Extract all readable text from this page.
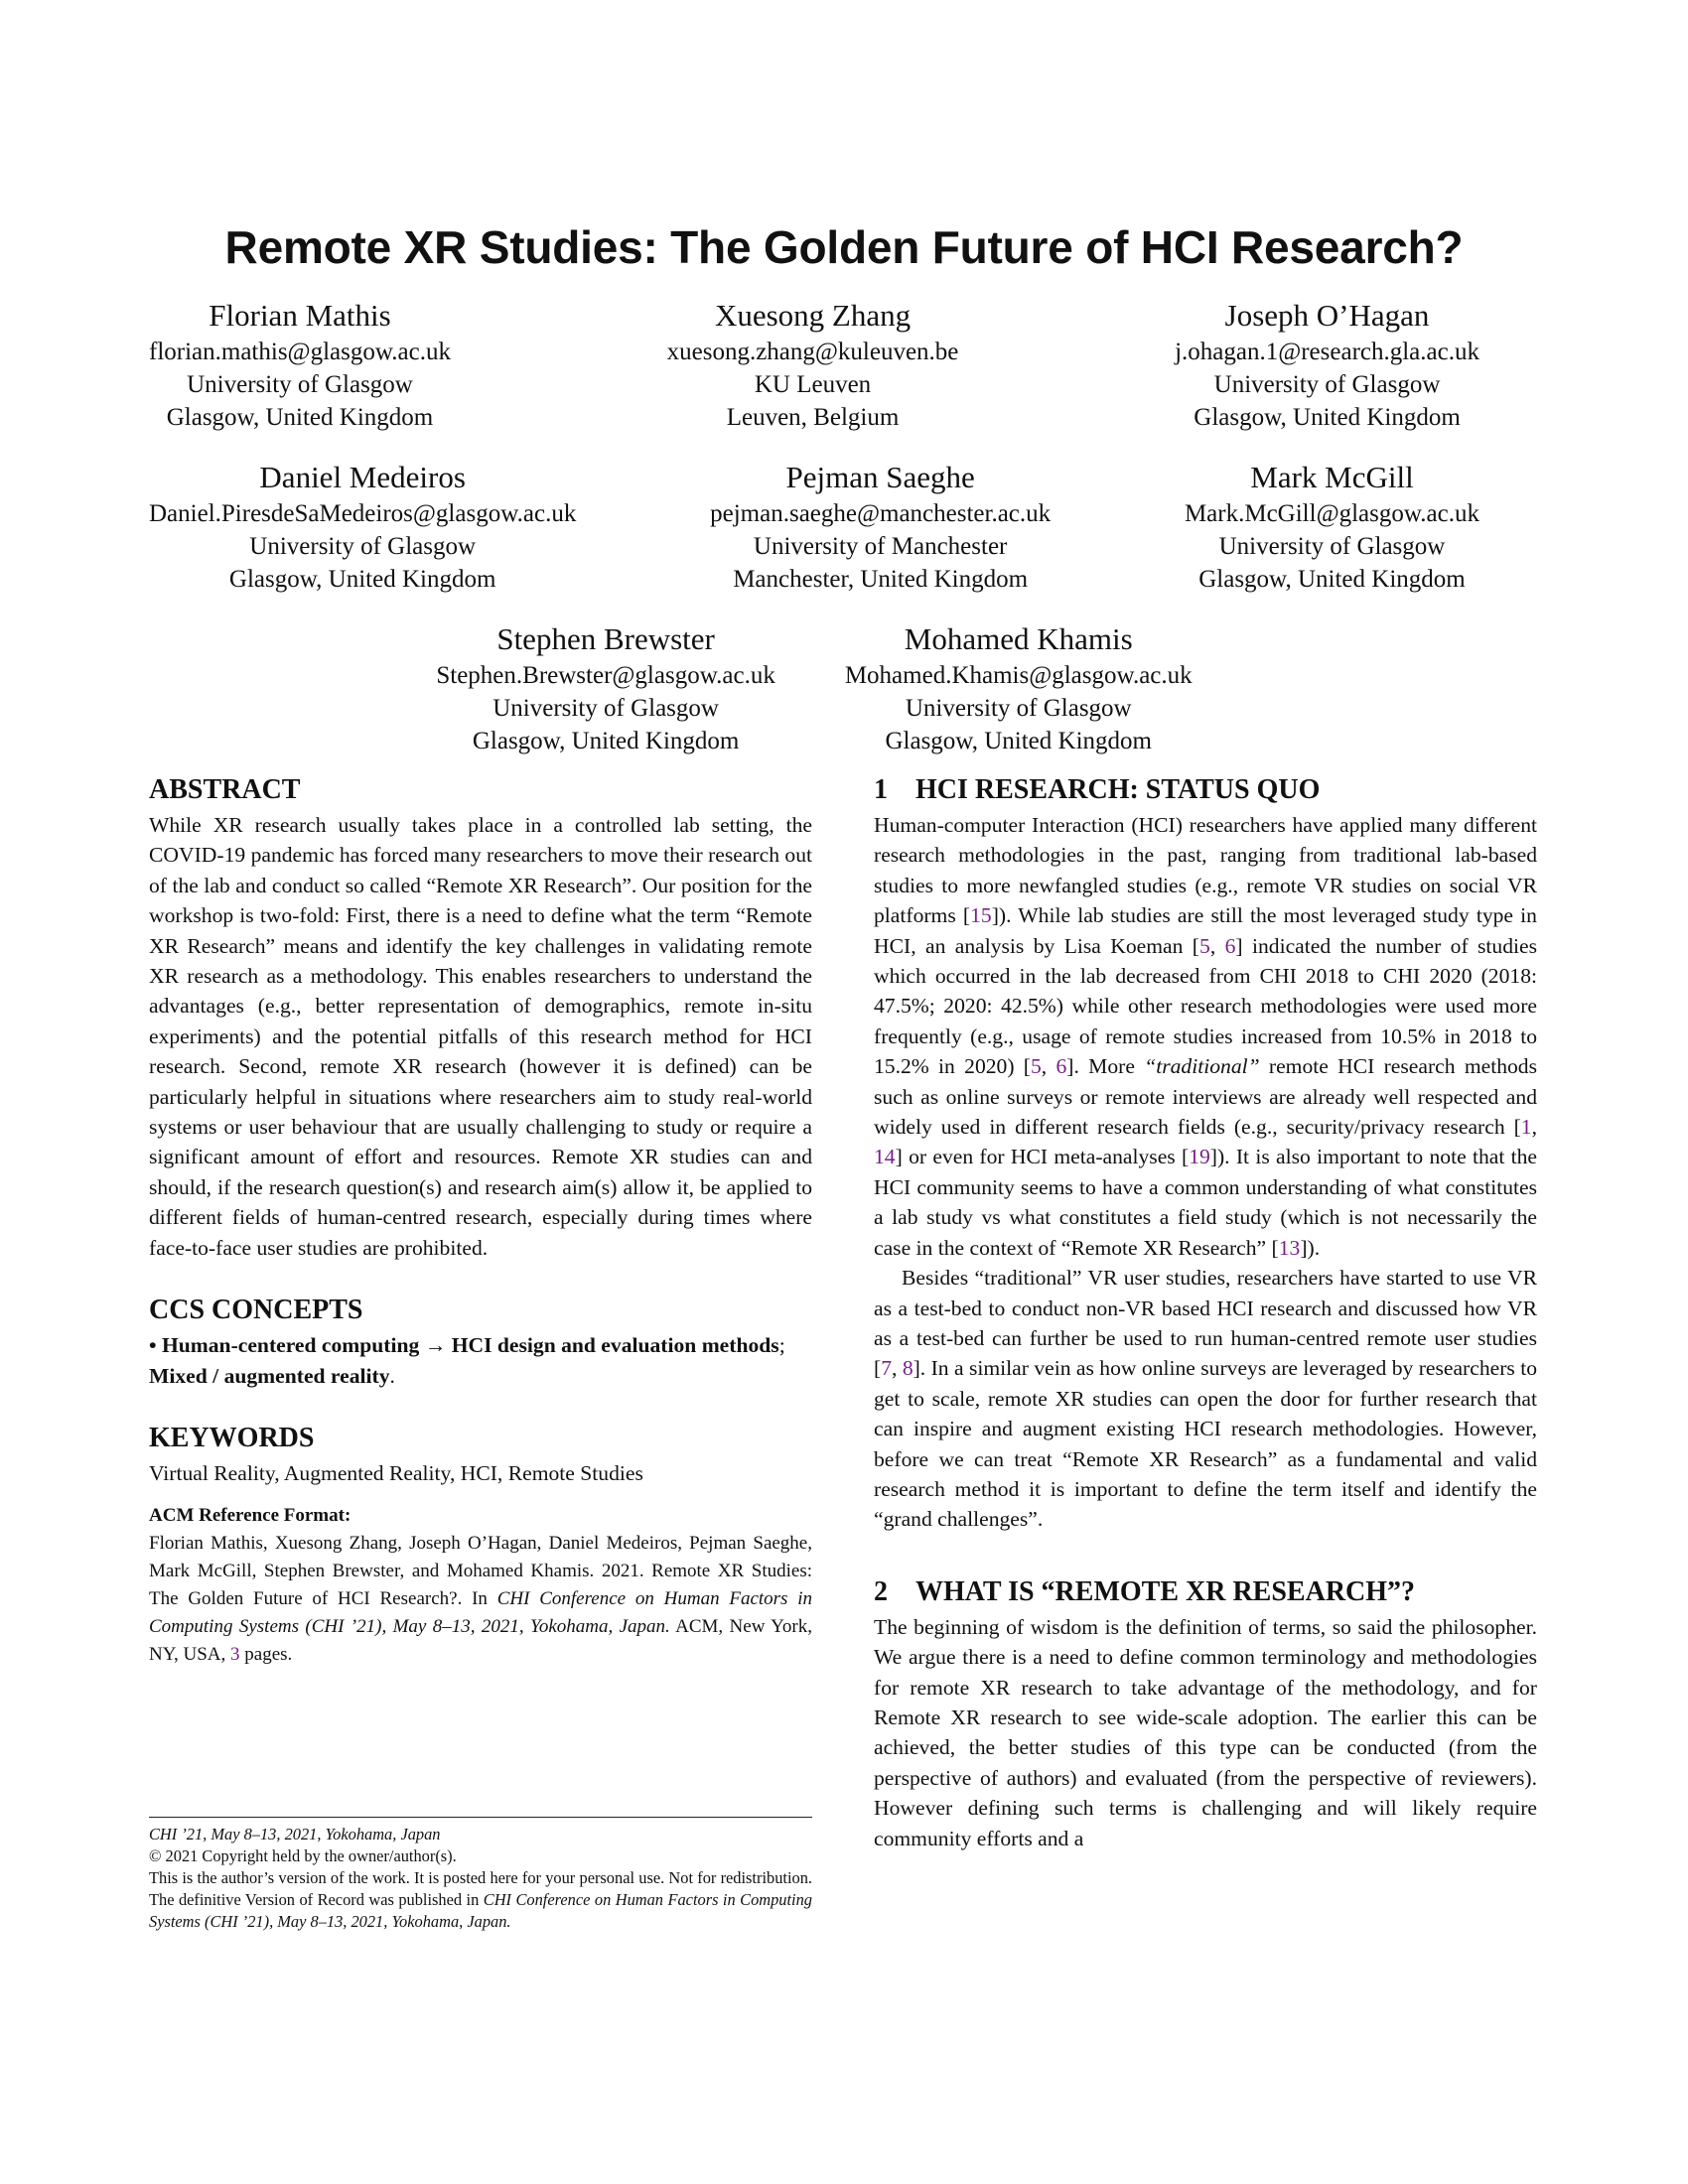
Remote XR Studies: The Golden Future of HCI Research?
Florian Mathis
florian.mathis@glasgow.ac.uk
University of Glasgow
Glasgow, United Kingdom
Xuesong Zhang
xuesong.zhang@kuleuven.be
KU Leuven
Leuven, Belgium
Joseph O’Hagan
j.ohagan.1@research.gla.ac.uk
University of Glasgow
Glasgow, United Kingdom
Daniel Medeiros
Daniel.PiresdeSaMedeiros@glasgow.ac.uk
University of Glasgow
Glasgow, United Kingdom
Pejman Saeghe
pejman.saeghe@manchester.ac.uk
University of Manchester
Manchester, United Kingdom
Mark McGill
Mark.McGill@glasgow.ac.uk
University of Glasgow
Glasgow, United Kingdom
Stephen Brewster
Stephen.Brewster@glasgow.ac.uk
University of Glasgow
Glasgow, United Kingdom
Mohamed Khamis
Mohamed.Khamis@glasgow.ac.uk
University of Glasgow
Glasgow, United Kingdom
ABSTRACT

While XR research usually takes place in a controlled lab setting, the COVID-19 pandemic has forced many researchers to move their research out of the lab and conduct so called “Remote XR Research”. Our position for the workshop is two-fold: First, there is a need to define what the term “Remote XR Research” means and identify the key challenges in validating remote XR research as a methodology. This enables researchers to understand the advantages (e.g., better representation of demographics, remote in-situ experiments) and the potential pitfalls of this research method for HCI research. Second, remote XR research (however it is defined) can be particularly helpful in situations where researchers aim to study real-world systems or user behaviour that are usually challenging to study or require a significant amount of effort and resources. Remote XR studies can and should, if the research question(s) and research aim(s) allow it, be applied to different fields of human-centred research, especially during times where face-to-face user studies are prohibited.

CCS CONCEPTS

• Human-centered computing → HCI design and evaluation methods; Mixed / augmented reality.

KEYWORDS

Virtual Reality, Augmented Reality, HCI, Remote Studies

ACM Reference Format:
Florian Mathis, Xuesong Zhang, Joseph O’Hagan, Daniel Medeiros, Pejman Saeghe, Mark McGill, Stephen Brewster, and Mohamed Khamis. 2021. Remote XR Studies: The Golden Future of HCI Research?. In CHI Conference on Human Factors in Computing Systems (CHI ’21), May 8–13, 2021, Yokohama, Japan. ACM, New York, NY, USA, 3 pages.
CHI ’21, May 8–13, 2021, Yokohama, Japan
© 2021 Copyright held by the owner/author(s).
This is the author’s version of the work. It is posted here for your personal use. Not for redistribution. The definitive Version of Record was published in CHI Conference on Human Factors in Computing Systems (CHI ’21), May 8–13, 2021, Yokohama, Japan.
1 HCI RESEARCH: STATUS QUO

Human-computer Interaction (HCI) researchers have applied many different research methodologies in the past, ranging from traditional lab-based studies to more newfangled studies (e.g., remote VR studies on social VR platforms [15]). While lab studies are still the most leveraged study type in HCI, an analysis by Lisa Koeman [5, 6] indicated the number of studies which occurred in the lab decreased from CHI 2018 to CHI 2020 (2018: 47.5%; 2020: 42.5%) while other research methodologies were used more frequently (e.g., usage of remote studies increased from 10.5% in 2018 to 15.2% in 2020) [5, 6]. More “traditional” remote HCI research methods such as online surveys or remote interviews are already well respected and widely used in different research fields (e.g., security/privacy research [1, 14] or even for HCI meta-analyses [19]). It is also important to note that the HCI community seems to have a common understanding of what constitutes a lab study vs what constitutes a field study (which is not necessarily the case in the context of “Remote XR Research” [13]).

Besides “traditional” VR user studies, researchers have started to use VR as a test-bed to conduct non-VR based HCI research and discussed how VR as a test-bed can further be used to run human-centred remote user studies [7, 8]. In a similar vein as how online surveys are leveraged by researchers to get to scale, remote XR studies can open the door for further research that can inspire and augment existing HCI research methodologies. However, before we can treat “Remote XR Research” as a fundamental and valid research method it is important to define the term itself and identify the “grand challenges”.

2 WHAT IS “REMOTE XR RESEARCH”?

The beginning of wisdom is the definition of terms, so said the philosopher. We argue there is a need to define common terminology and methodologies for remote XR research to take advantage of the methodology, and for Remote XR research to see wide-scale adoption. The earlier this can be achieved, the better studies of this type can be conducted (from the perspective of authors) and evaluated (from the perspective of reviewers). However defining such terms is challenging and will likely require community efforts and a
